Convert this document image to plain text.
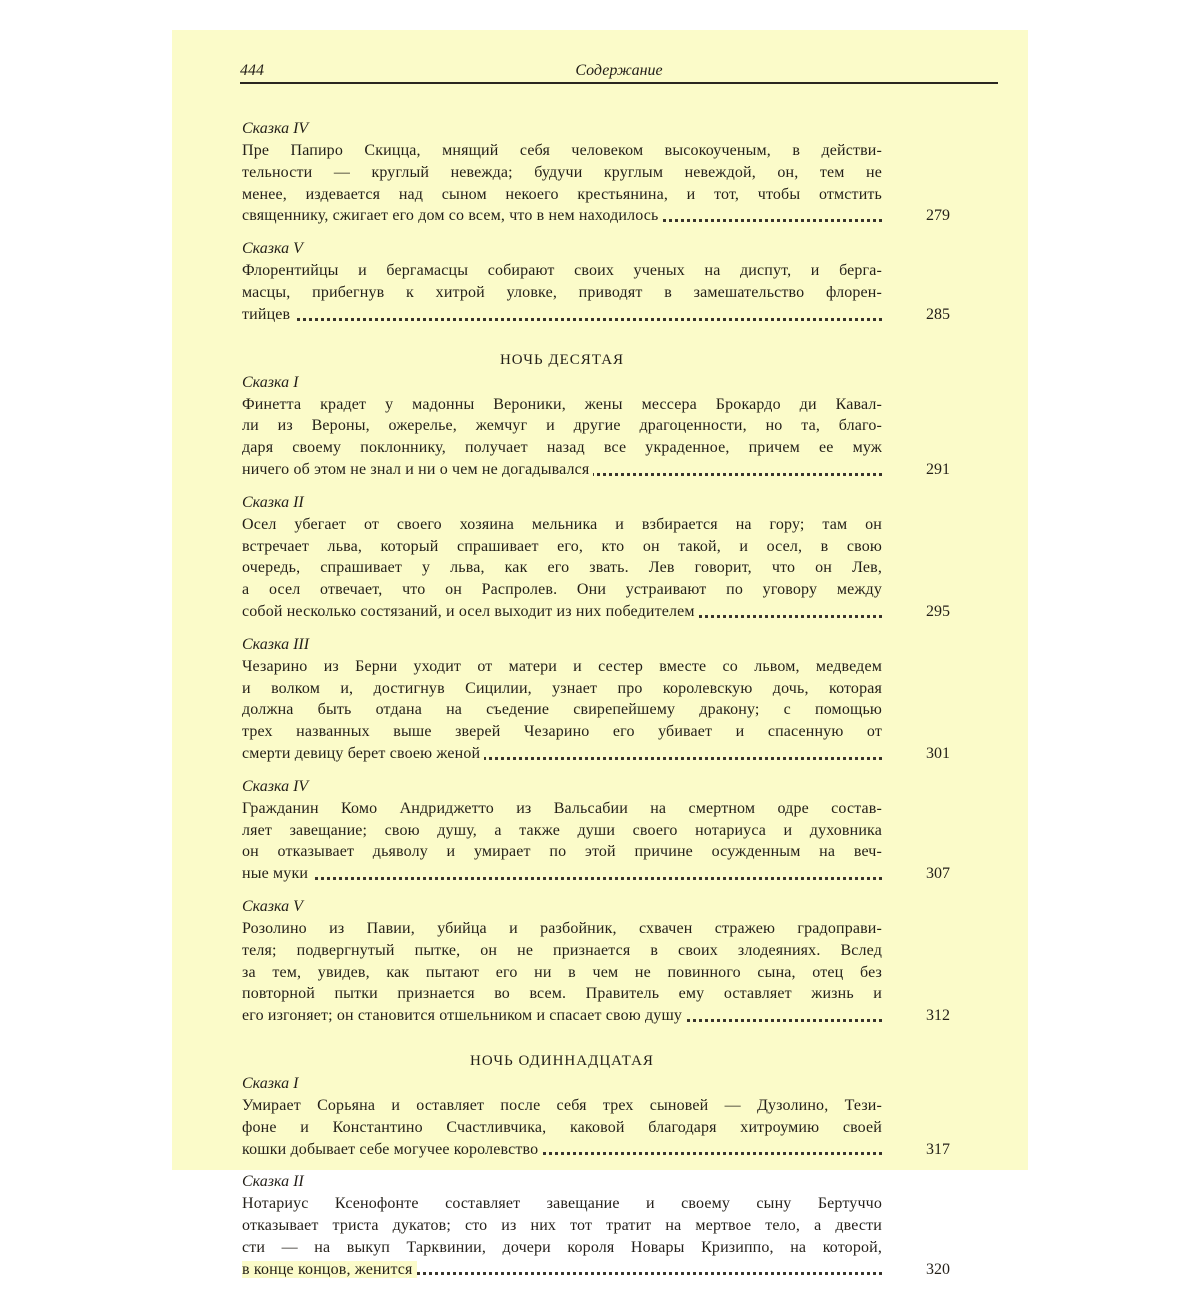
444	Содержание
Сказка IV
Пре Папиро Скицца, мнящий себя человеком высокоученым, в действи-
тельности — круглый невежда; будучи круглым невеждой, он, тем не
менее, издевается над сыном некоего крестьянина, и тот, чтобы отмстить
священнику, сжигает его дом со всем, что в нем находилось	279
Сказка V
Флорентийцы и бергамасцы собирают своих ученых на диспут, и берга-
масцы, прибегнув к хитрой уловке, приводят в замешательство флорен-
тийцев	285
НОЧЬ ДЕСЯТАЯ
Сказка I
Финетта крадет у мадонны Вероники, жены мессера Брокардо ди Кавал-
ли из Вероны, ожерелье, жемчуг и другие драгоценности, но та, благо-
даря своему поклоннику, получает назад все украденное, причем ее муж
ничего об этом не знал и ни о чем не догадывался	291
Сказка II
Осел убегает от своего хозяина мельника и взбирается на гору; там он
встречает льва, который спрашивает его, кто он такой, и осел, в свою
очередь, спрашивает у льва, как его звать. Лев говорит, что он Лев,
а осел отвечает, что он Распролев. Они устраивают по уговору между
собой несколько состязаний, и осел выходит из них победителем	295
Сказка III
Чезарино из Берни уходит от матери и сестер вместе со львом, медведем
и волком и, достигнув Сицилии, узнает про королевскую дочь, которая
должна быть отдана на съедение свирепейшему дракону; с помощью
трех названных выше зверей Чезарино его убивает и спасенную от
смерти девицу берет своею женой	301
Сказка IV
Гражданин Комо Андриджетто из Вальсабии на смертном одре состав-
ляет завещание; свою душу, а также души своего нотариуса и духовника
он отказывает дьяволу и умирает по этой причине осужденным на веч-
ные муки	307
Сказка V
Розолино из Павии, убийца и разбойник, схвачен стражею градоправи-
теля; подвергнутый пытке, он не признается в своих злодеяниях. Вслед
за тем, увидев, как пытают его ни в чем не повинного сына, отец без
повторной пытки признается во всем. Правитель ему оставляет жизнь и
его изгоняет; он становится отшельником и спасает свою душу	312
НОЧЬ ОДИННАДЦАТАЯ
Сказка I
Умирает Сорьяна и оставляет после себя трех сыновей — Дузолино, Тези-
фоне и Константино Счастливчика, каковой благодаря хитроумию своей
кошки добывает себе могучее королевство	317
Сказка II
Нотариус Ксенофонте составляет завещание и своему сыну Бертуччо
отказывает триста дукатов; сто из них тот тратит на мертвое тело, а двести
сти — на выкуп Тарквинии, дочери короля Новары Кризиппо, на которой,
в конце концов, женится	320
